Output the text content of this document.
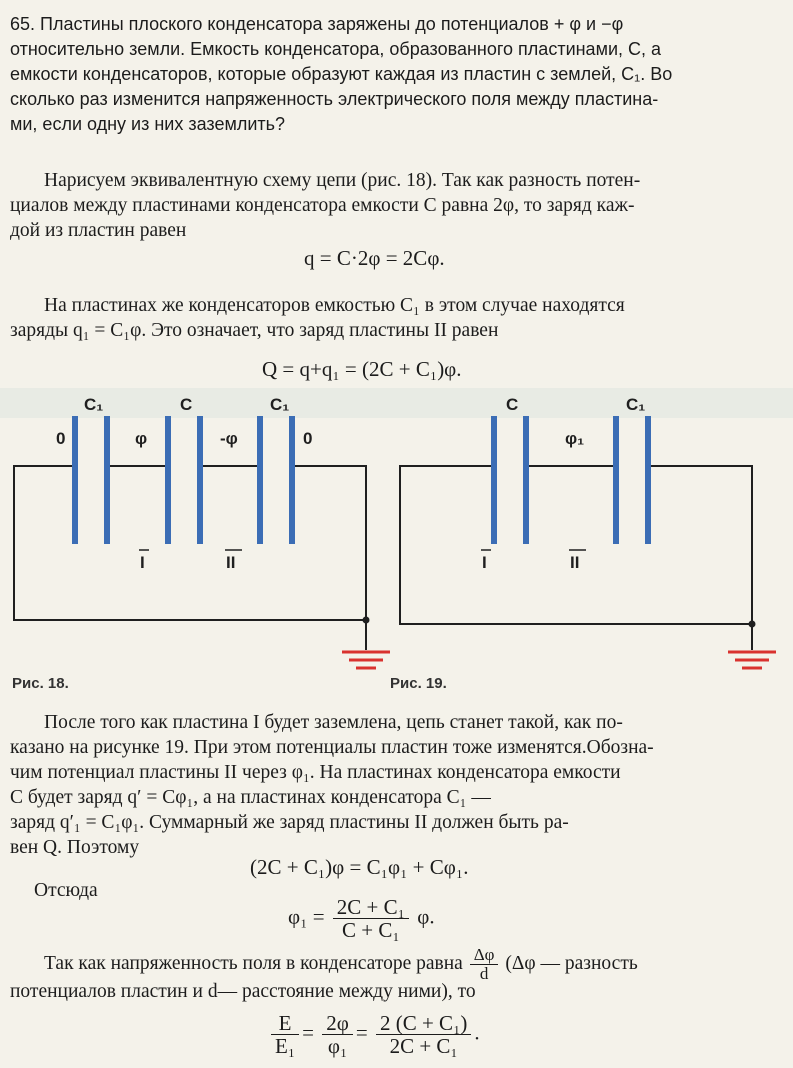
65. Пластины плоского конденсатора заряжены до потенциалов + φ и −φ
относительно земли. Емкость конденсатора, образованного пластинами, С, а
емкости конденсаторов, которые образуют каждая из пластин с землей, C₁. Во
сколько раз изменится напряженность электрического поля между пластина-
ми, если одну из них заземлить?
Нарисуем эквивалентную схему цепи (рис. 18). Так как разность потен-
циалов между пластинами конденсатора емкости С равна 2φ, то заряд каж-
дой из пластин равен
q = C·2φ = 2Cφ.
На пластинах же конденсаторов емкостью C₁ в этом случае находятся
заряды q₁ = C₁φ. Это означает, что заряд пластины II равен
Q = q+q₁ = (2C + C₁)φ.
C₁	C	C₁
0	φ	-φ	0
I	II
C	C₁
φ₁
I	II
Рис. 18.	Рис. 19.
После того как пластина I будет заземлена, цепь станет такой, как по-
казано на рисунке 19. При этом потенциалы пластин тоже изменятся.Обозна-
чим потенциал пластины II через φ₁. На пластинах конденсатора емкости
С будет заряд q′ = Cφ₁, а на пластинах конденсатора C₁ —
заряд q′₁ = C₁φ₁. Суммарный же заряд пластины II должен быть ра-
вен Q. Поэтому
(2C + C₁)φ = C₁φ₁ + Cφ₁.
Отсюда
$\varphi_1 = \frac{\text{2C + C₁}}{\text{C + C₁}} \varphi$.
Так как напряженность поля в конденсаторе равна $\frac{\Delta\varphi}{d} (\Delta\varphi$ — разность
потенциалов пластин и d— расстояние между ними), то
$\frac{E}{\text{E₁}} = \frac{2\varphi}{\text{φ₁}} = \frac{\text{2 (C + C₁)}}{\text{2C + C₁}}$ .
